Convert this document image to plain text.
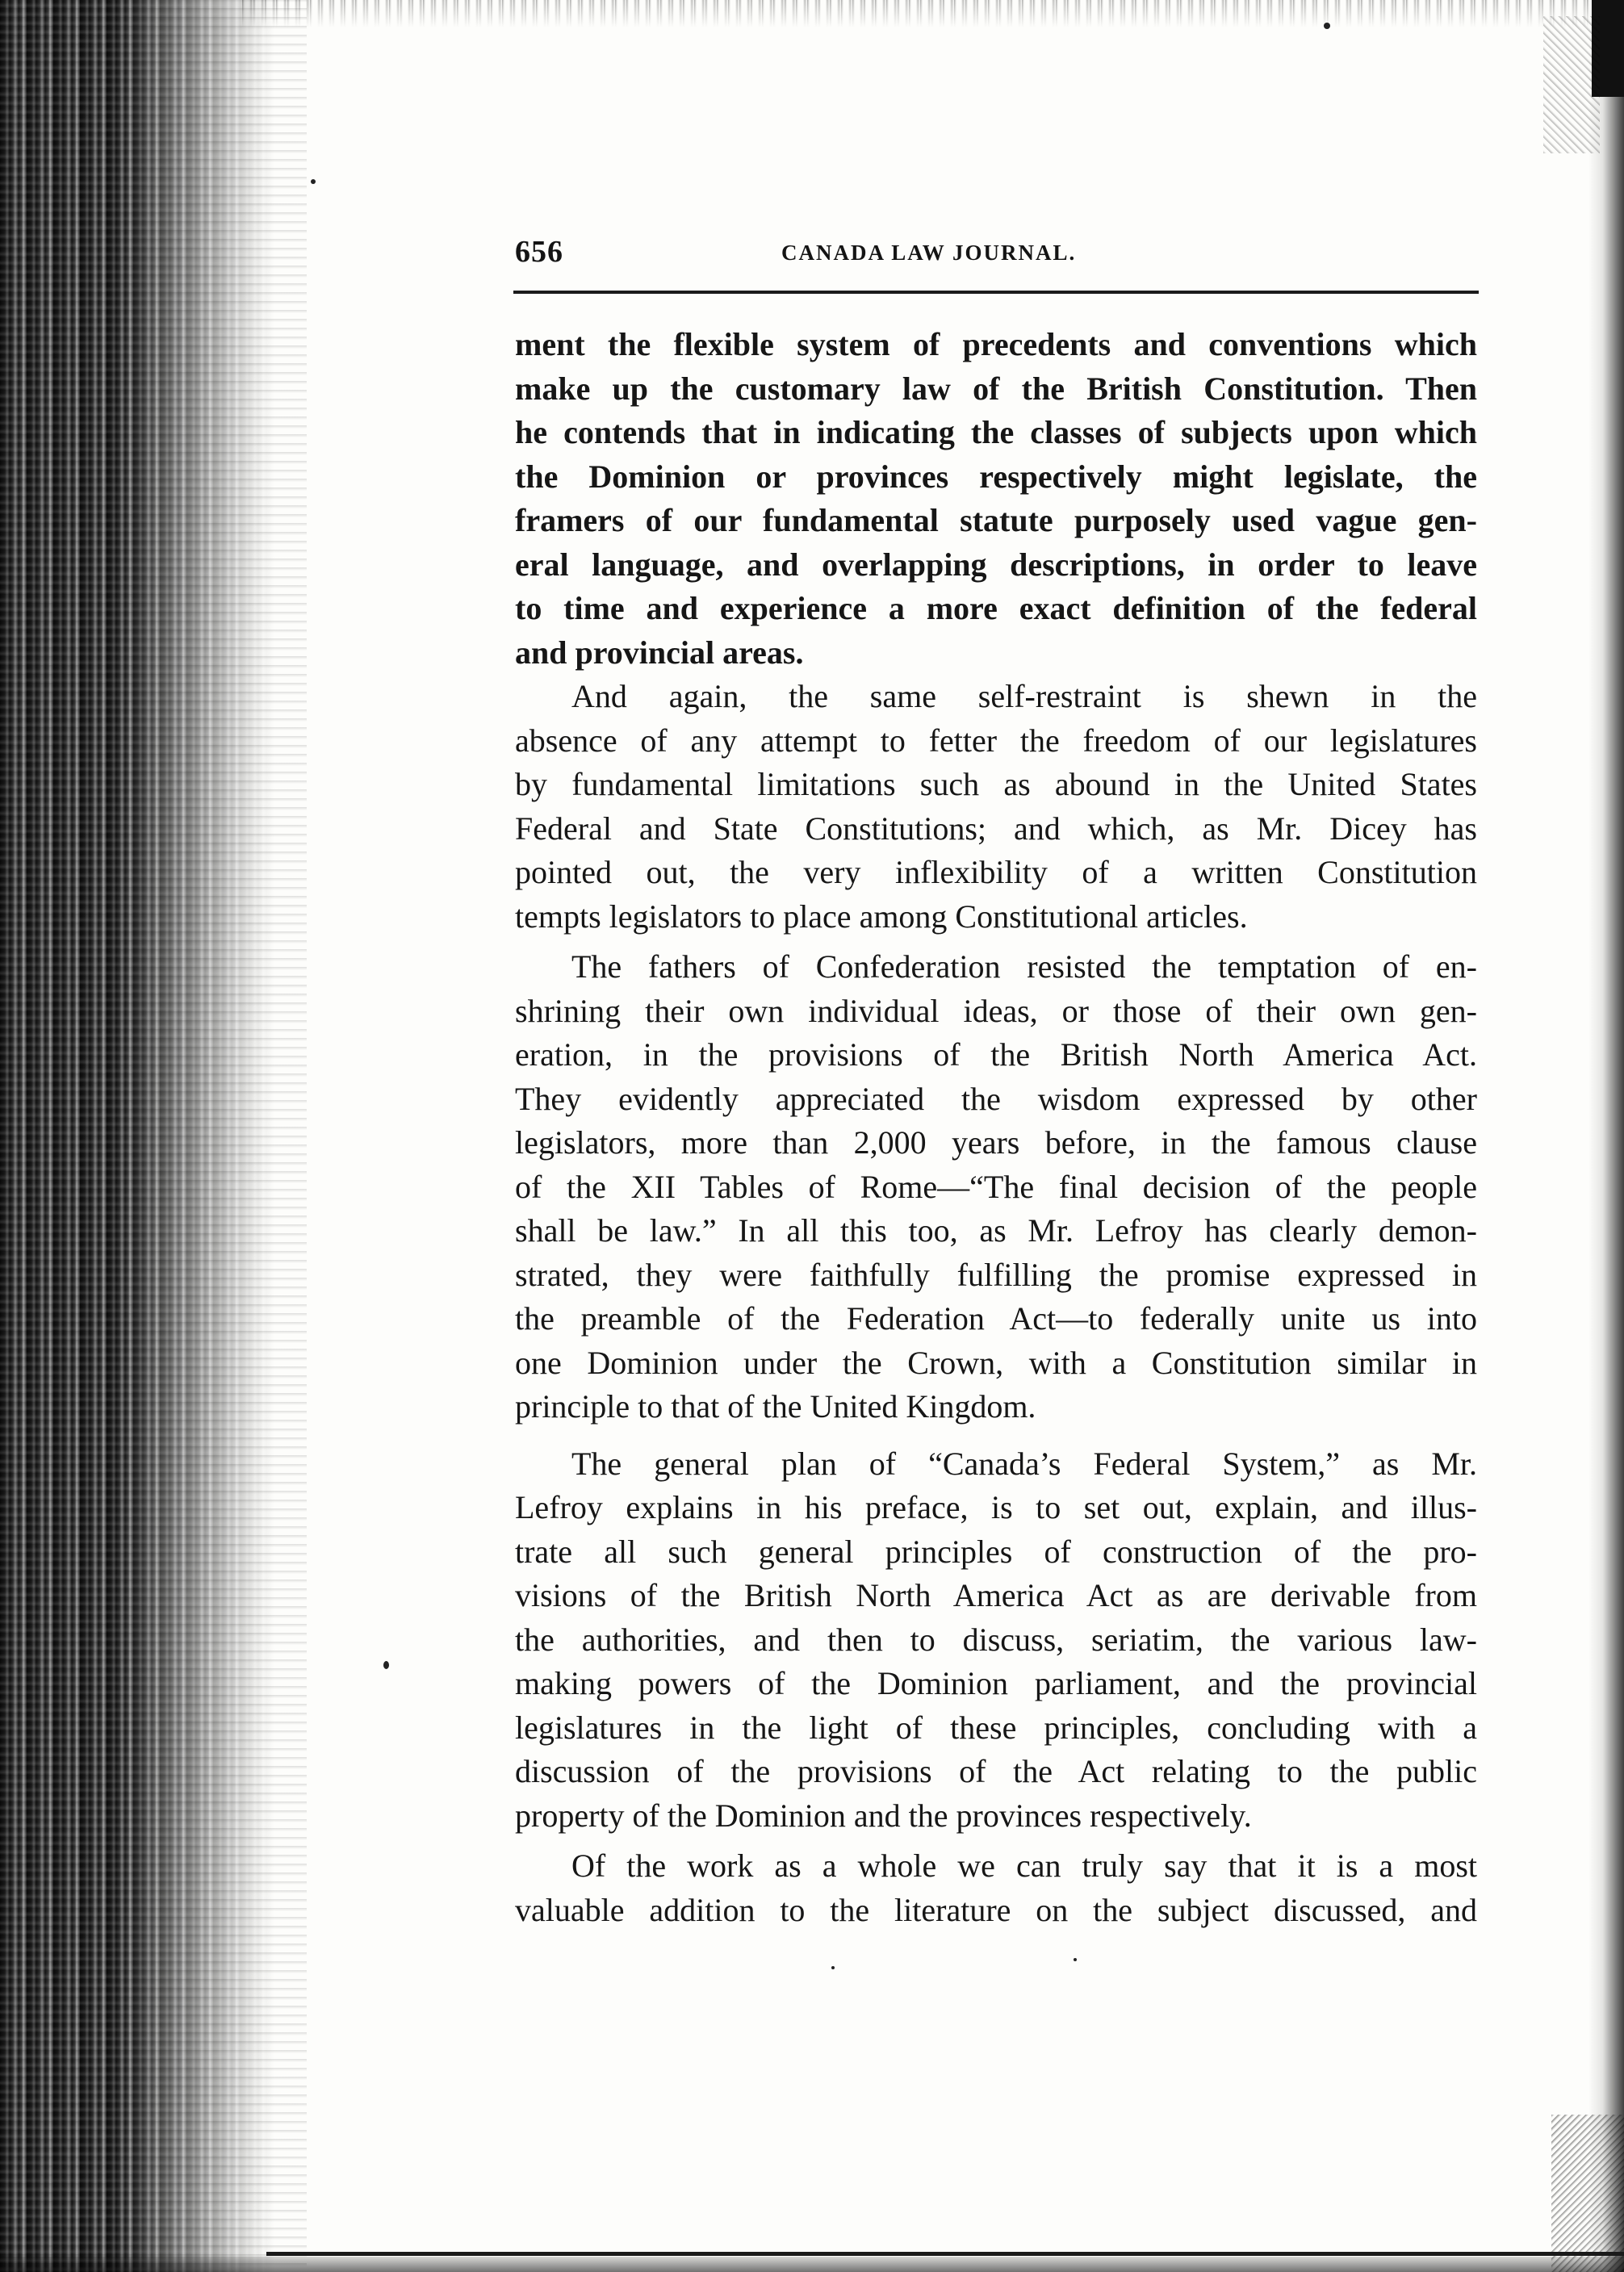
656	CANADA LAW JOURNAL.
ment the flexible system of precedents and conventions which
make up the customary law of the British Constitution. Then
he contends that in indicating the classes of subjects upon which
the Dominion or provinces respectively might legislate, the
framers of our fundamental statute purposely used vague gen-
eral language, and overlapping descriptions, in order to leave
to time and experience a more exact definition of the federal
and provincial areas.
And again, the same self-restraint is shewn in the
absence of any attempt to fetter the freedom of our legislatures
by fundamental limitations such as abound in the United States
Federal and State Constitutions; and which, as Mr. Dicey has
pointed out, the very inflexibility of a written Constitution
tempts legislators to place among Constitutional articles.
The fathers of Confederation resisted the temptation of en-
shrining their own individual ideas, or those of their own gen-
eration, in the provisions of the British North America Act.
They evidently appreciated the wisdom expressed by other
legislators, more than 2,000 years before, in the famous clause
of the XII Tables of Rome—“The final decision of the people
shall be law.” In all this too, as Mr. Lefroy has clearly demon-
strated, they were faithfully fulfilling the promise expressed in
the preamble of the Federation Act—to federally unite us into
one Dominion under the Crown, with a Constitution similar in
principle to that of the United Kingdom.
The general plan of “Canada’s Federal System,” as Mr.
Lefroy explains in his preface, is to set out, explain, and illus-
trate all such general principles of construction of the pro-
visions of the British North America Act as are derivable from
the authorities, and then to discuss, seriatim, the various law-
making powers of the Dominion parliament, and the provincial
legislatures in the light of these principles, concluding with a
discussion of the provisions of the Act relating to the public
property of the Dominion and the provinces respectively.
Of the work as a whole we can truly say that it is a most
valuable addition to the literature on the subject discussed, and
